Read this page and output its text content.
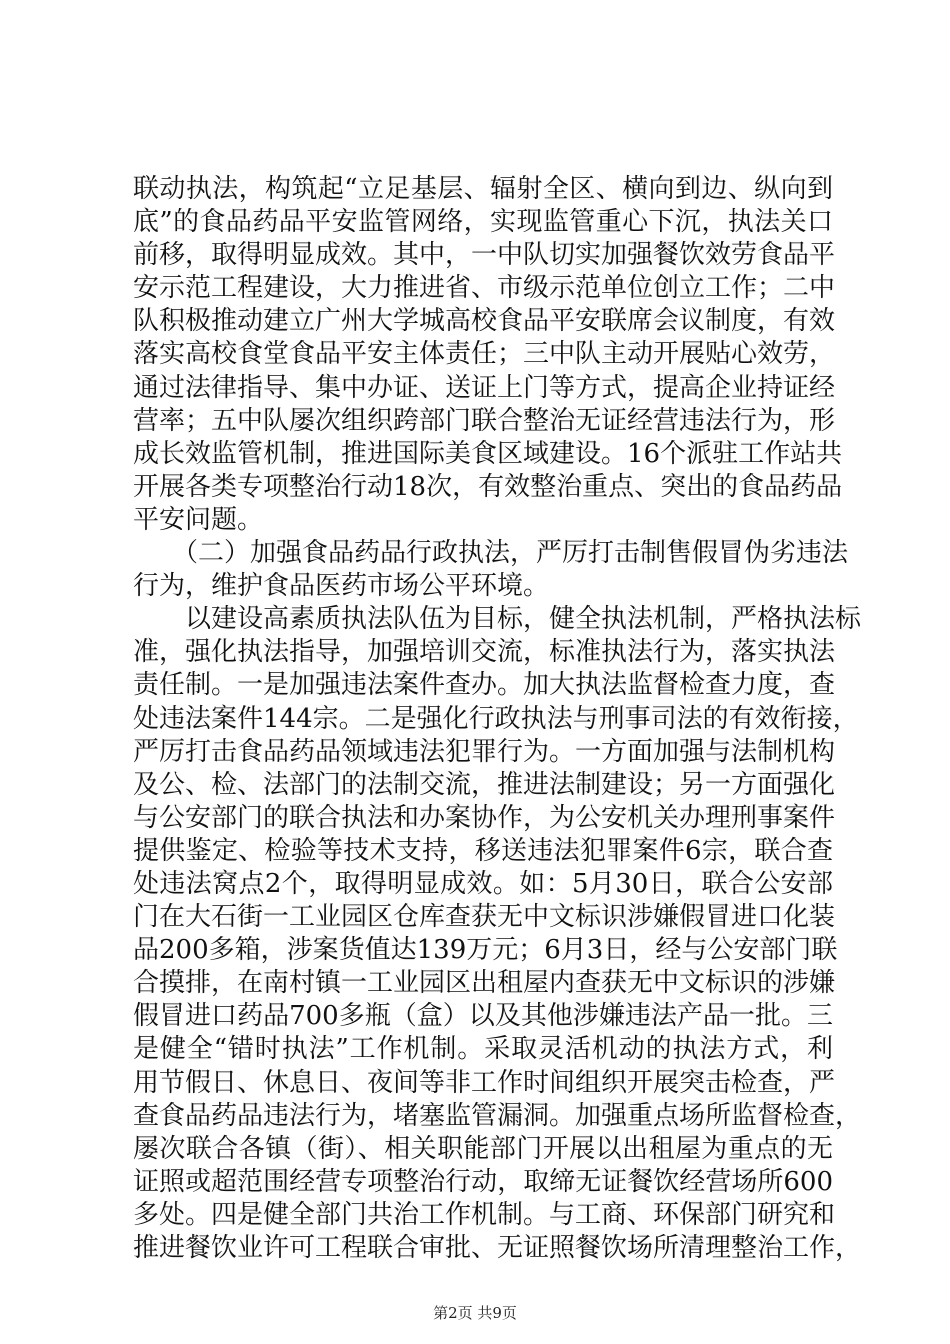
联动执法，构筑起“立足基层、辐射全区、横向到边、纵向到
底”的食品药品平安监管网络，实现监管重心下沉，执法关口
前移，取得明显成效。其中，一中队切实加强餐饮效劳食品平
安示范工程建设，大力推进省、市级示范单位创立工作；二中
队积极推动建立广州大学城高校食品平安联席会议制度，有效
落实高校食堂食品平安主体责任；三中队主动开展贴心效劳，
通过法律指导、集中办证、送证上门等方式，提高企业持证经
营率；五中队屡次组织跨部门联合整治无证经营违法行为，形
成长效监管机制，推进国际美食区域建设。16个派驻工作站共
开展各类专项整治行动18次，有效整治重点、突出的食品药品
平安问题。
　　（二）加强食品药品行政执法，严厉打击制售假冒伪劣违法
行为，维护食品医药市场公平环境。
　　以建设高素质执法队伍为目标，健全执法机制，严格执法标
准，强化执法指导，加强培训交流，标准执法行为，落实执法
责任制。一是加强违法案件查办。加大执法监督检查力度，查
处违法案件144宗。二是强化行政执法与刑事司法的有效衔接，
严厉打击食品药品领域违法犯罪行为。一方面加强与法制机构
及公、检、法部门的法制交流，推进法制建设；另一方面强化
与公安部门的联合执法和办案协作，为公安机关办理刑事案件
提供鉴定、检验等技术支持，移送违法犯罪案件6宗，联合查
处违法窝点2个，取得明显成效。如：5月30日，联合公安部
门在大石街一工业园区仓库查获无中文标识涉嫌假冒进口化装
品200多箱，涉案货值达139万元；6月3日，经与公安部门联
合摸排，在南村镇一工业园区出租屋内查获无中文标识的涉嫌
假冒进口药品700多瓶（盒）以及其他涉嫌违法产品一批。三
是健全“错时执法”工作机制。采取灵活机动的执法方式，利
用节假日、休息日、夜间等非工作时间组织开展突击检查，严
查食品药品违法行为，堵塞监管漏洞。加强重点场所监督检查，
屡次联合各镇（街）、相关职能部门开展以出租屋为重点的无
证照或超范围经营专项整治行动，取缔无证餐饮经营场所600
多处。四是健全部门共治工作机制。与工商、环保部门研究和
推进餐饮业许可工程联合审批、无证照餐饮场所清理整治工作，
第2页 共9页
